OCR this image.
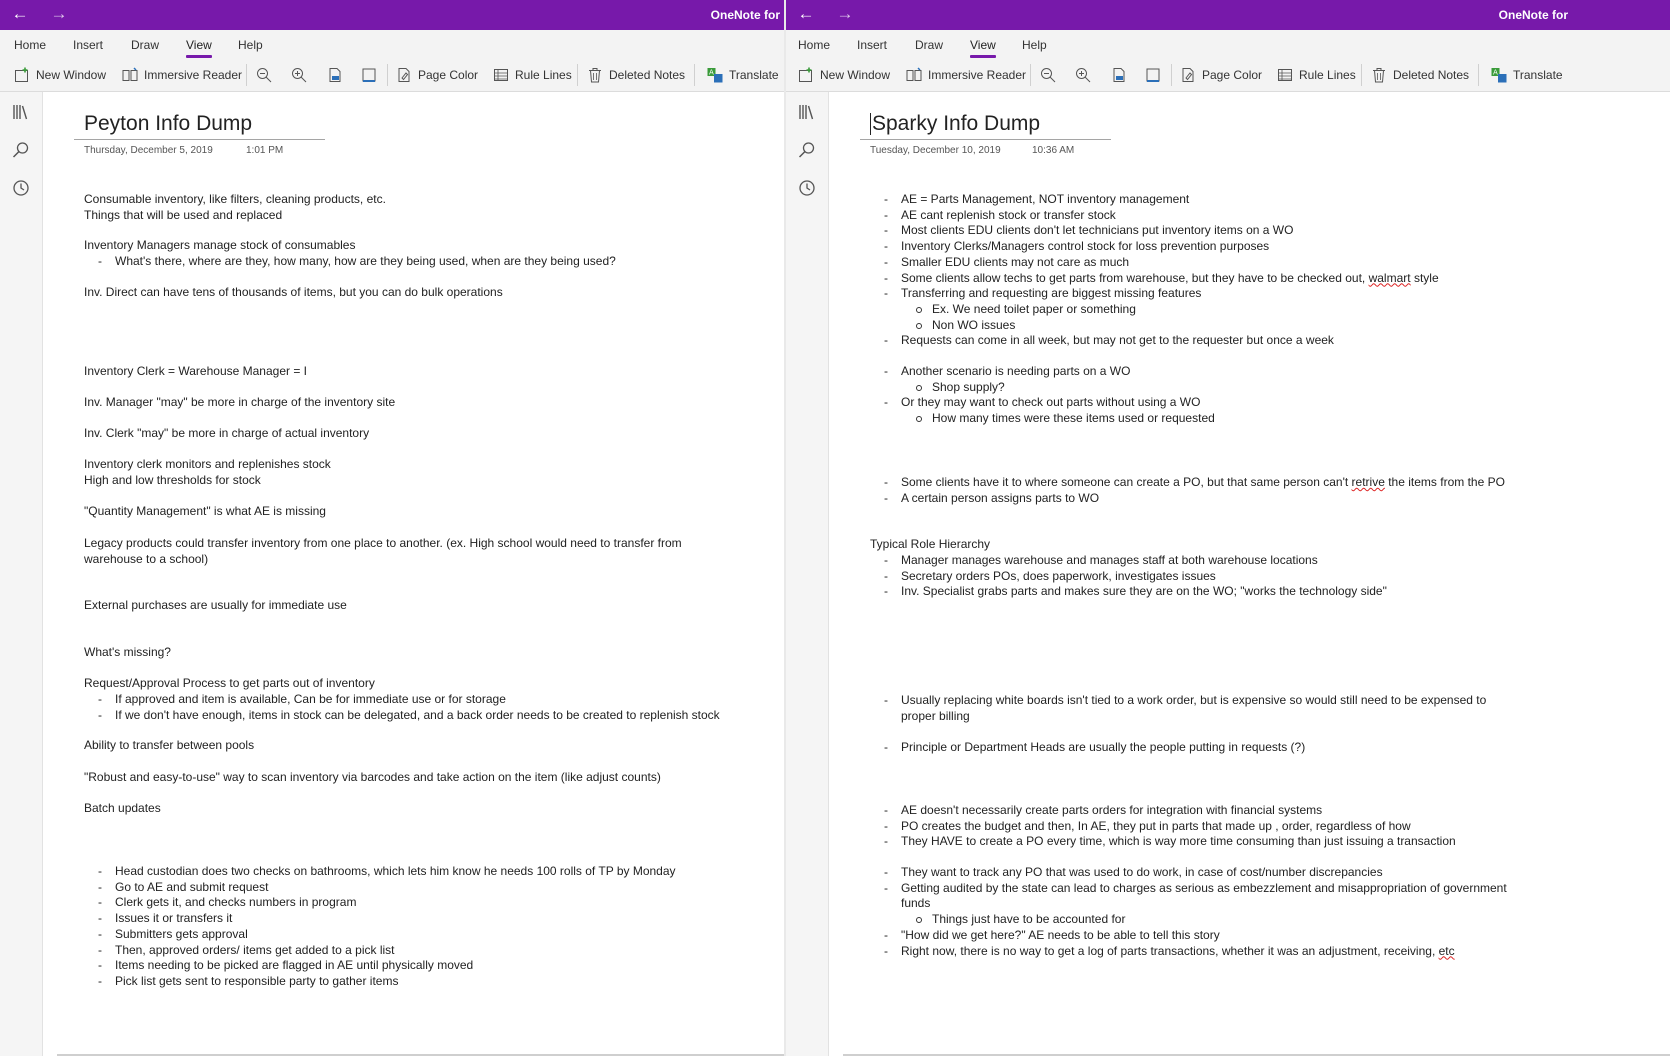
← →	OneNote for
Home Insert Draw View Help
New Window	Immersive Reader	Page Color	Rule Lines	Deleted Notes	A Translate
Peyton Info Dump
Thursday, December 5, 2019	1:01 PM
Consumable inventory, like filters, cleaning products, etc.
Things that will be used and replaced
Inventory Managers manage stock of consumables
- What's there, where are they, how many, how are they being used, when are they being used?
Inv. Direct can have tens of thousands of items, but you can do bulk operations
Inventory Clerk = Warehouse Manager = I
Inv. Manager "may" be more in charge of the inventory site
Inv. Clerk "may" be more in charge of actual inventory
Inventory clerk monitors and replenishes stock
High and low thresholds for stock
"Quantity Management" is what AE is missing
Legacy products could transfer inventory from one place to another. (ex. High school would need to transfer from
warehouse to a school)
External purchases are usually for immediate use
What's missing?
Request/Approval Process to get parts out of inventory
- If approved and item is available, Can be for immediate use or for storage
- If we don't have enough, items in stock can be delegated, and a back order needs to be created to replenish stock
Ability to transfer between pools
"Robust and easy-to-use" way to scan inventory via barcodes and take action on the item (like adjust counts)
Batch updates
- Head custodian does two checks on bathrooms, which lets him know he needs 100 rolls of TP by Monday
- Go to AE and submit request
- Clerk gets it, and checks numbers in program
- Issues it or transfers it
- Submitters gets approval
- Then, approved orders/ items get added to a pick list
- Items needing to be picked are flagged in AE until physically moved
- Pick list gets sent to responsible party to gather items
← →	OneNote for
Home Insert Draw View Help
New Window	Immersive Reader	Page Color	Rule Lines	Deleted Notes	A Translate
Sparky Info Dump
Tuesday, December 10, 2019	10:36 AM
- AE = Parts Management, NOT inventory management
- AE cant replenish stock or transfer stock
- Most clients EDU clients don't let technicians put inventory items on a WO
- Inventory Clerks/Managers control stock for loss prevention purposes
- Smaller EDU clients may not care as much
- Some clients allow techs to get parts from warehouse, but they have to be checked out, walmart style
- Transferring and requesting are biggest missing features
Ex. We need toilet paper or something
Non WO issues
- Requests can come in all week, but may not get to the requester but once a week
- Another scenario is needing parts on a WO
Shop supply?
- Or they may want to check out parts without using a WO
How many times were these items used or requested
- Some clients have it to where someone can create a PO, but that same person can't retrive the items from the PO
- A certain person assigns parts to WO
Typical Role Hierarchy
- Manager manages warehouse and manages staff at both warehouse locations
- Secretary orders POs, does paperwork, investigates issues
- Inv. Specialist grabs parts and makes sure they are on the WO; "works the technology side"
- Usually replacing white boards isn't tied to a work order, but is expensive so would still need to be expensed to
proper billing
- Principle or Department Heads are usually the people putting in requests (?)
- AE doesn't necessarily create parts orders for integration with financial systems
- PO creates the budget and then, In AE, they put in parts that made up , order, regardless of how
- They HAVE to create a PO every time, which is way more time consuming than just issuing a transaction
- They want to track any PO that was used to do work, in case of cost/number discrepancies
- Getting audited by the state can lead to charges as serious as embezzlement and misappropriation of government
funds
Things just have to be accounted for
- "How did we get here?" AE needs to be able to tell this story
- Right now, there is no way to get a log of parts transactions, whether it was an adjustment, receiving, etc
